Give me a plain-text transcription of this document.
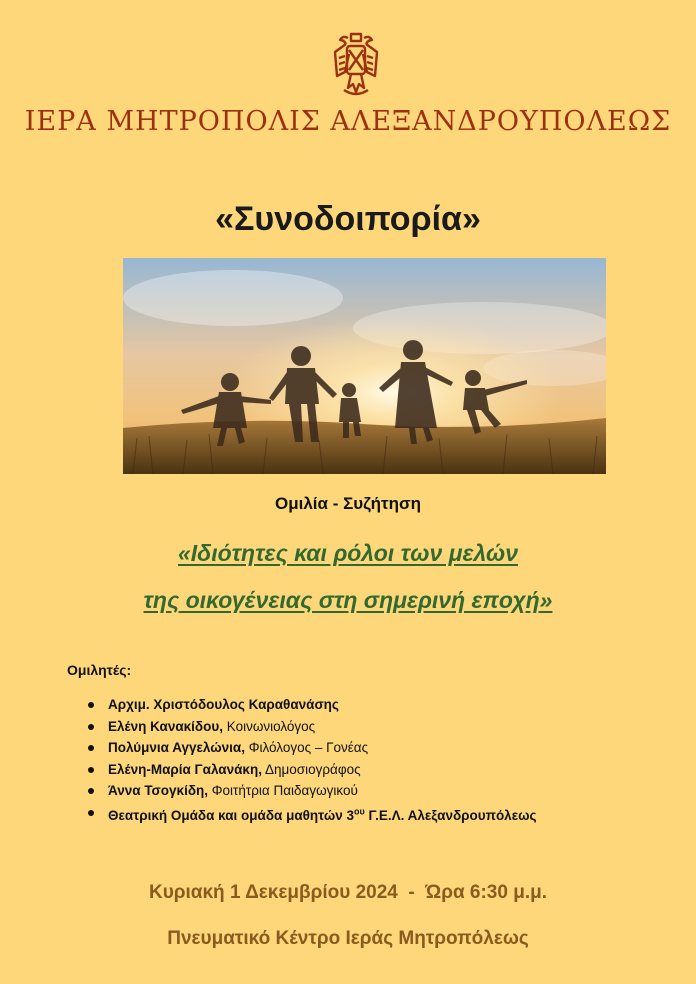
ΙΕΡΑ ΜΗΤΡΟΠΟΛΙΣ ΑΛΕΞΑΝΔΡΟΥΠΟΛΕΩΣ
«Συνοδοιπορία»
Ομιλία - Συζήτηση
«Ιδιότητες και ρόλοι των μελών
της οικογένειας στη σημερινή εποχή»
Ομιλητές:
Αρχιμ. Χριστόδουλος Καραθανάσης
Ελένη Κανακίδου, Κοινωνιολόγος
Πολύμνια Αγγελώνια, Φιλόλογος – Γονέας
Ελένη-Μαρία Γαλανάκη, Δημοσιογράφος
Άννα Τσογκίδη, Φοιτήτρια Παιδαγωγικού
Θεατρική Ομάδα και ομάδα μαθητών $3^{o\upsilon}$ Γ.Ε.Λ. Αλεξανδρουπόλεως
Κυριακή 1 Δεκεμβρίου 2024  -  Ώρα 6:30 μ.μ.
Πνευματικό Κέντρο Ιεράς Μητροπόλεως
